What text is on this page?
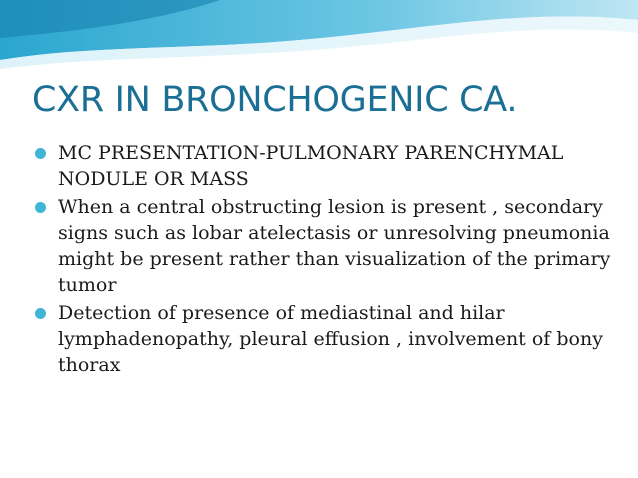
CXR IN BRONCHOGENIC CA.
MC PRESENTATION-PULMONARY PARENCHYMAL NODULE OR MASS
When a central obstructing lesion is present , secondary signs such as lobar atelectasis or unresolving pneumonia might be present rather than visualization of the primary tumor
Detection of presence of mediastinal and hilar lymphadenopathy, pleural effusion , involvement of bony thorax
